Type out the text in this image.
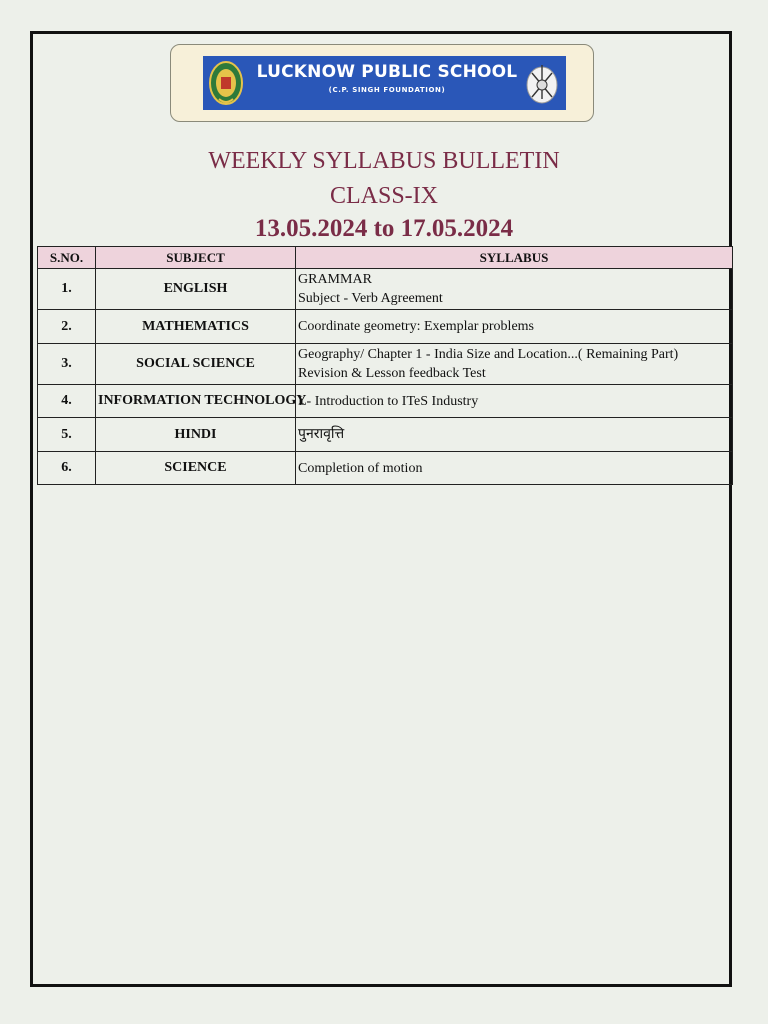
LUCKNOW PUBLIC SCHOOL
(C.P. SINGH FOUNDATION)
WEEKLY SYLLABUS BULLETIN
CLASS-IX
13.05.2024 to 17.05.2024
S.NO.	SUBJECT	SYLLABUS
1.	ENGLISH	GRAMMAR
Subject - Verb Agreement

2.	MATHEMATICS	Coordinate geometry: Exemplar problems

3.	SOCIAL SCIENCE	Geography/ Chapter 1 - India Size and Location...( Remaining Part)
Revision & Lesson feedback Test

4.	INFORMATION TECHNOLOGY	L- Introduction to ITeS Industry

5.	HINDI	पुनरावृत्ति

6.	SCIENCE	Completion of motion
